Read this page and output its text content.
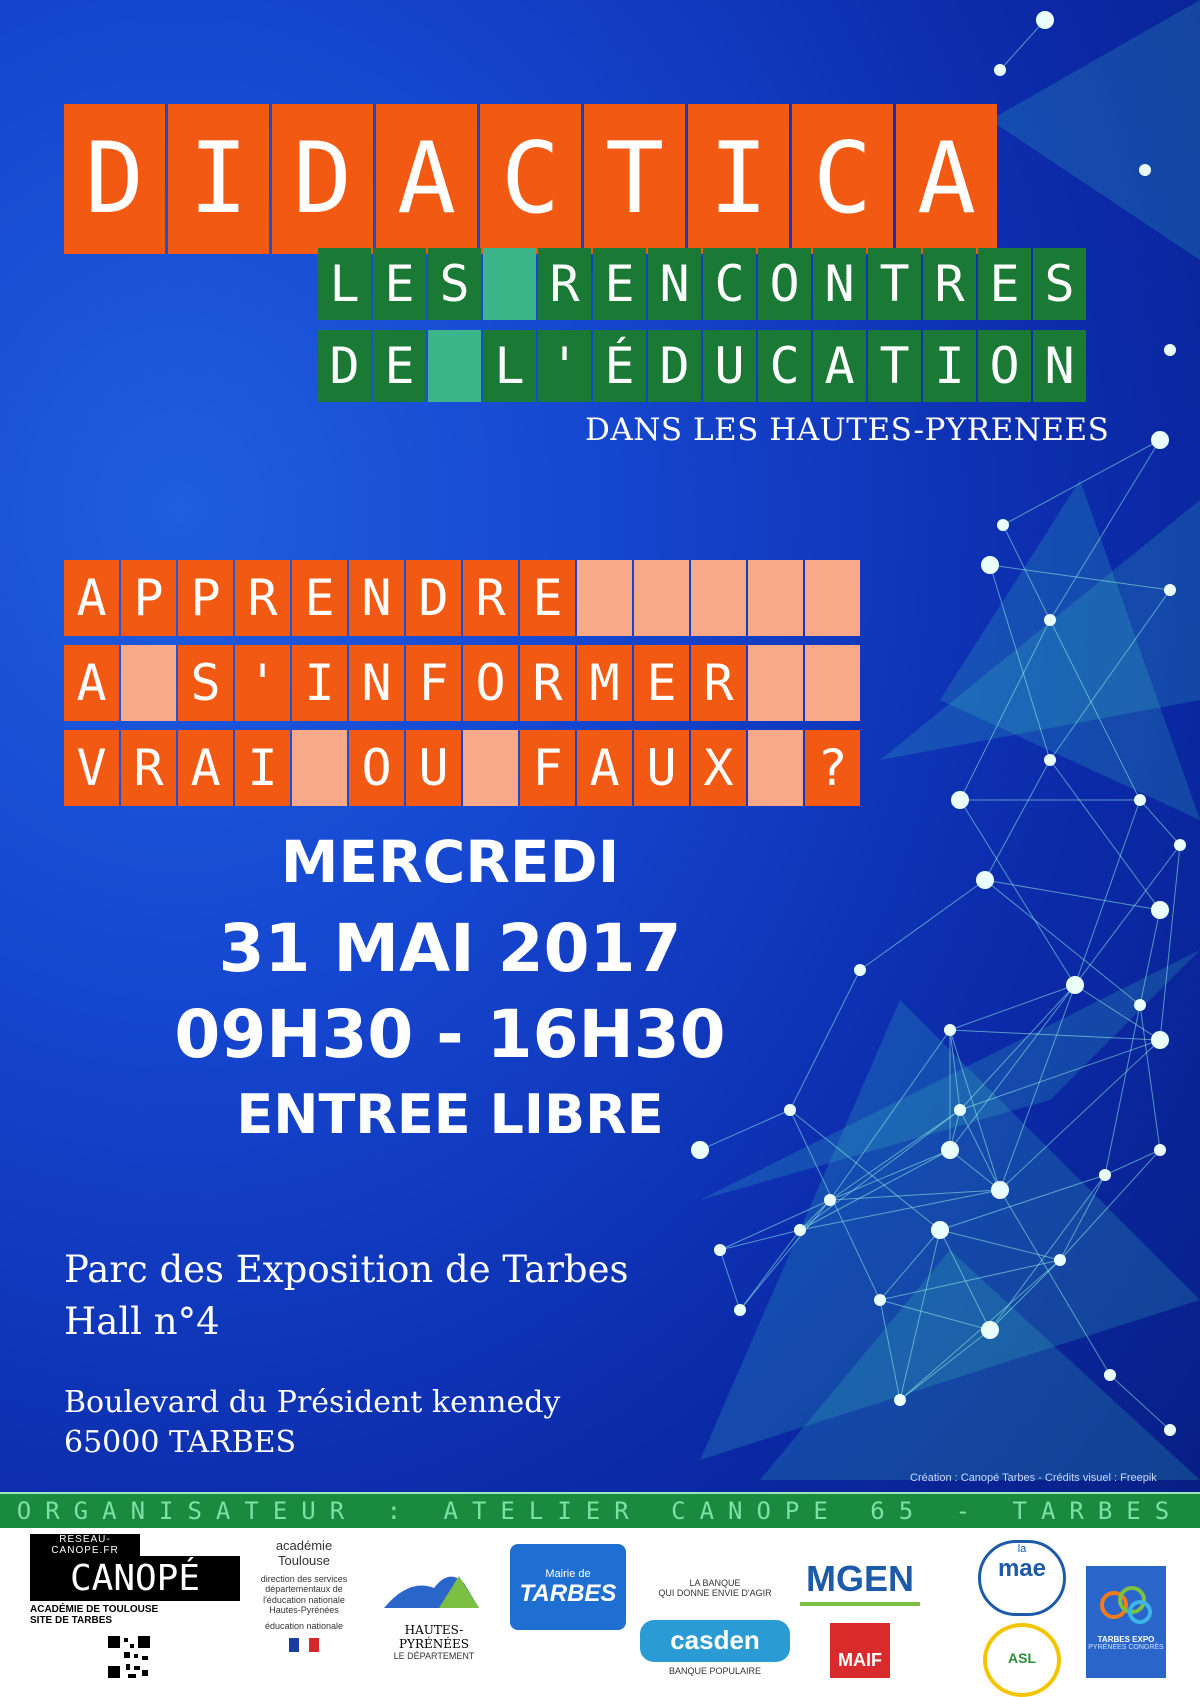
D I D A C T I C A
L E S R E N C O N T R E S
D E L ' É D U C A T I O N
DANS LES HAUTES-PYRENEES
A P P R E N D R E
A S ' I N F O R M E R
V R A I O U F A U X ?
MERCREDI
31 MAI 2017
09H30 - 16H30
ENTREE LIBRE
Parc des Exposition de Tarbes
Hall n°4
Boulevard du Président kennedy
65000 TARBES
Création : Canopé Tarbes - Crédits visuel : Freepik
ORGANISATEUR : ATELIER CANOPE 65 - TARBES
RESEAU-CANOPE.FR
CANOPÉ
ACADÉMIE DE TOULOUSE
SITE DE TARBES
académie
Toulouse
direction des services départementaux de l'éducation nationale Hautes-Pyrénées
éducation nationale	HAUTES-PYRÉNÉES
LE DÉPARTEMENT
Mairie de
TARBES	LA BANQUE
QUI DONNE ENVIE D'AGIR
casden
BANQUE POPULAIRE
MGEN
MAIF
la
mae
ASL
TARBES EXPO
PYRÉNÉES CONGRÈS
